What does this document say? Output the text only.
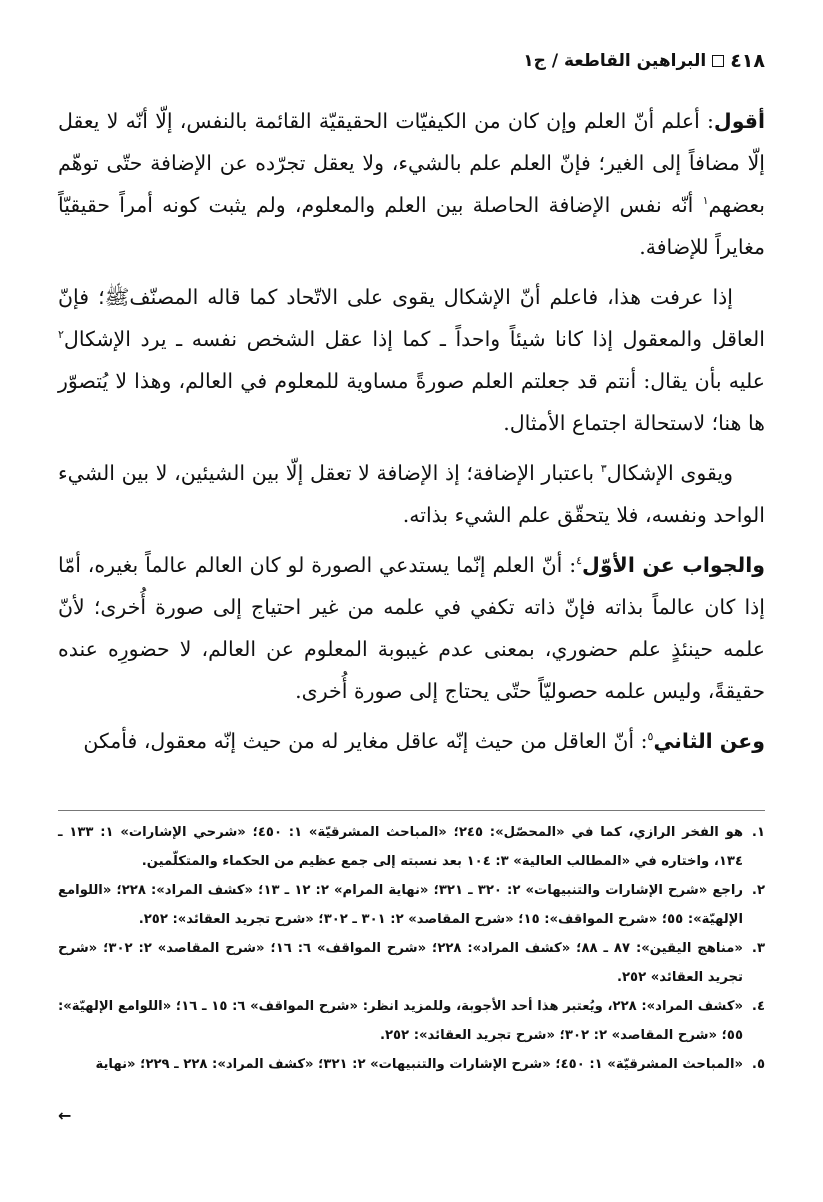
٤١٨
البراهين القاطعة / ج١

أقول: أعلم أنّ العلم وإن كان من الكيفيّات الحقيقيّة القائمة بالنفس، إلّا أنّه لا يعقل إلّا مضافاً إلى الغير؛ فإنّ العلم علم بالشيء، ولا يعقل تجرّده عن الإضافة حتّى توهّم بعضهم$^١$ أنّه نفس الإضافة الحاصلة بين العلم والمعلوم، ولم يثبت كونه أمراً حقيقيّاً مغايراً للإضافة.

إذا عرفت هذا، فاعلم أنّ الإشكال يقوى على الاتّحاد كما قاله المصنّفﷺ؛ فإنّ العاقل والمعقول إذا كانا شيئاً واحداً ـ كما إذا عقل الشخص نفسه ـ يرد الإشكال$^٢$ عليه بأن يقال: أنتم قد جعلتم العلم صورةً مساوية للمعلوم في العالم، وهذا لا يُتصوّر ها هنا؛ لاستحالة اجتماع الأمثال.

ويقوى الإشكال$^٣$ باعتبار الإضافة؛ إذ الإضافة لا تعقل إلّا بين الشيئين، لا بين الشيء الواحد ونفسه، فلا يتحقّق علم الشيء بذاته.

والجواب عن الأوّل$^٤$: أنّ العلم إنّما يستدعي الصورة لو كان العالم عالماً بغيره، أمّا إذا كان عالماً بذاته فإنّ ذاته تكفي في علمه من غير احتياج إلى صورة أُخرى؛ لأنّ علمه حينئذٍ علم حضوري، بمعنى عدم غيبوبة المعلوم عن العالم، لا حضورِه عنده حقيقةً، وليس علمه حصوليّاً حتّى يحتاج إلى صورة أُخرى.

وعن الثاني$^٥$: أنّ العاقل من حيث إنّه عاقل مغاير له من حيث إنّه معقول، فأمكن

١.
هو الفخر الرازي، كما في «المحصّل»: ٢٤٥؛ «المباحث المشرقيّة» ١: ٤٥٠؛ «شرحي الإشارات» ١: ١٣٣ ـ ١٣٤، واختاره في «المطالب العالية» ٣: ١٠٤ بعد نسبته إلى جمع عظيم من الحكماء والمتكلّمين.

٢.
راجع «شرح الإشارات والتنبيهات» ٢: ٣٢٠ ـ ٣٢١؛ «نهاية المرام» ٢: ١٢ ـ ١٣؛ «كشف المراد»: ٢٢٨؛ «اللوامع الإلهيّة»: ٥٥؛ «شرح المواقف»: ١٥؛ «شرح المقاصد» ٢: ٣٠١ ـ ٣٠٢؛ «شرح تجريد العقائد»: ٢٥٢.

٣.
«مناهج اليقين»: ٨٧ ـ ٨٨؛ «كشف المراد»: ٢٢٨؛ «شرح المواقف» ٦: ١٦؛ «شرح المقاصد» ٢: ٣٠٢؛ «شرح تجريد العقائد» ٢٥٢.

٤.
«كشف المراد»: ٢٢٨، ويُعتبر هذا أحد الأجوبة، وللمزيد انظر: «شرح المواقف» ٦: ١٥ ـ ١٦؛ «اللوامع الإلهيّة»: ٥٥؛ «شرح المقاصد» ٢: ٣٠٢؛ «شرح تجريد العقائد»: ٢٥٢.

٥.
«المباحث المشرقيّة» ١: ٤٥٠؛ «شرح الإشارات والتنبيهات» ٢: ٣٢١؛ «كشف المراد»: ٢٢٨ ـ ٢٢٩؛ «نهاية

←
